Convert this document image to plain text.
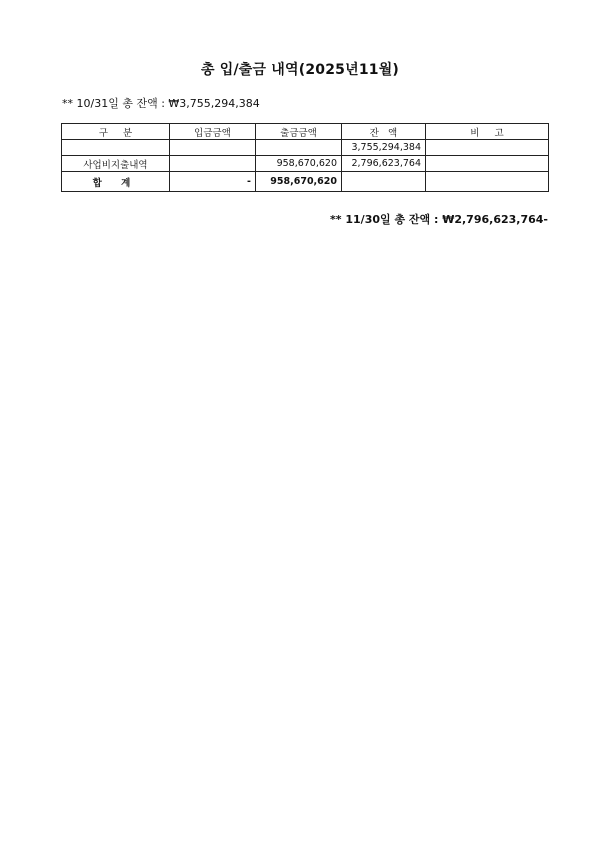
총 입/출금 내역(2025년11월)
** 10/31일 총 잔액 : ₩3,755,294,384
구     분	입금금액	출금금액	잔   액	비     고
			3,755,294,384	
사업비지출내역		958,670,620	2,796,623,764	
합 계	-	958,670,620		
** 11/30일 총 잔액 : ₩2,796,623,764-
